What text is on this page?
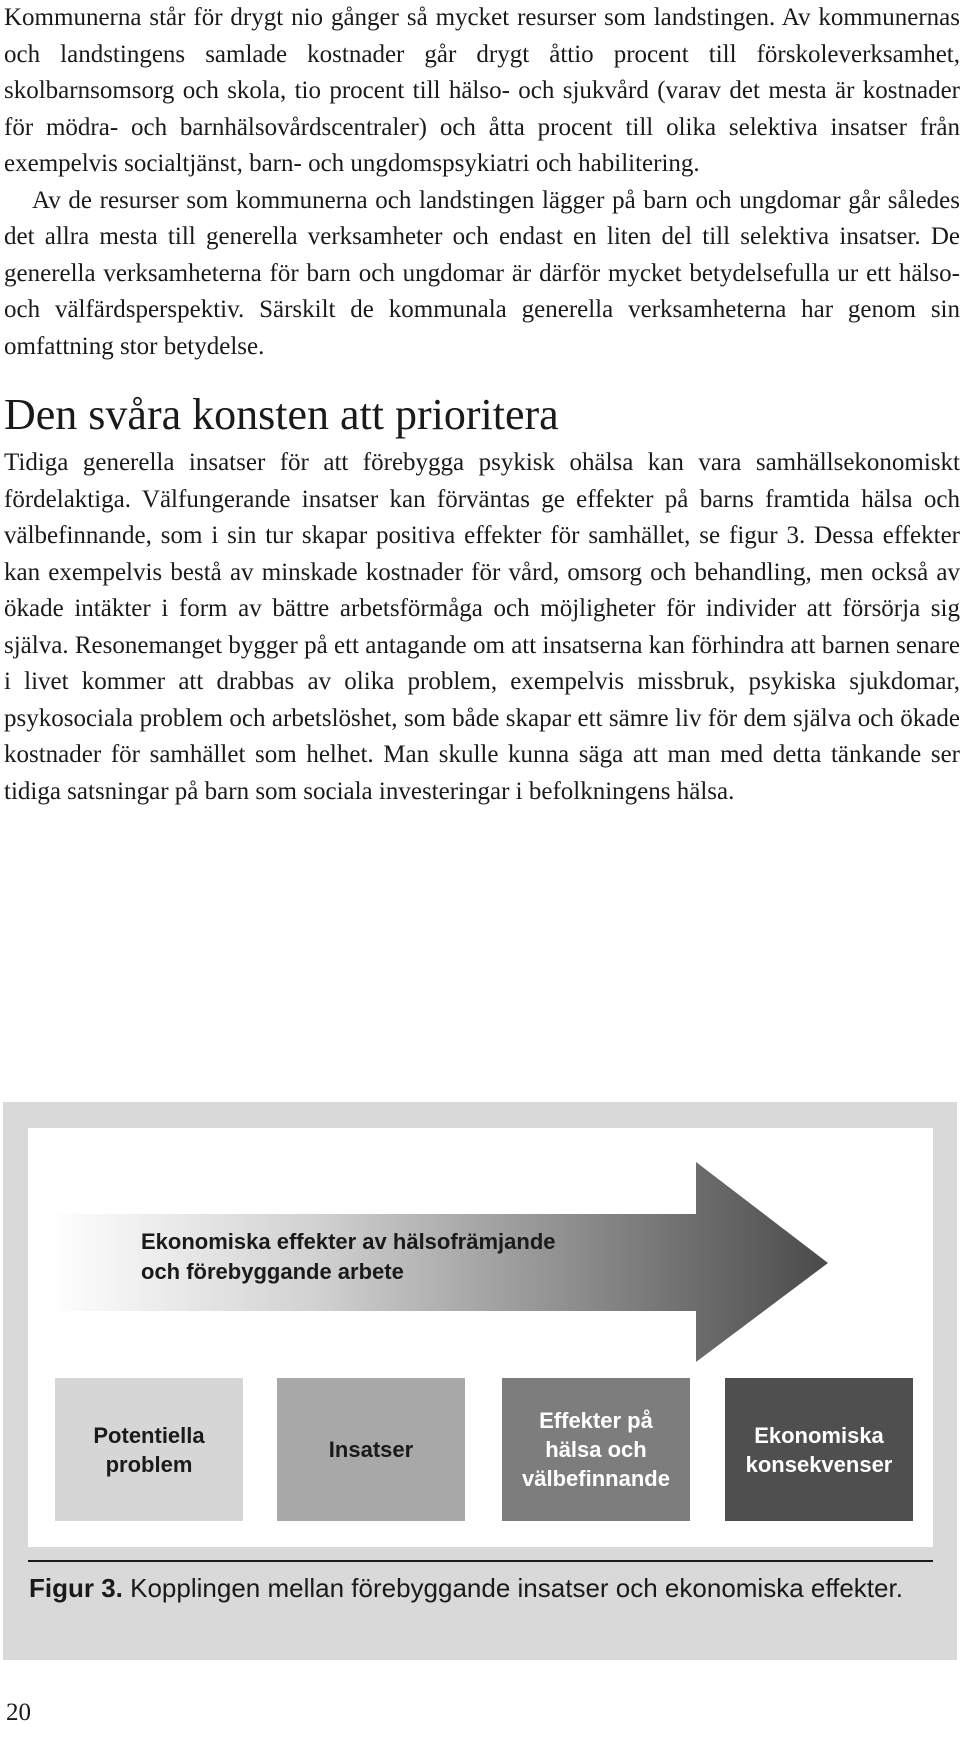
Kommunerna står för drygt nio gånger så mycket resurser som landstingen. Av kommunernas och landstingens samlade kostnader går drygt åttio procent till förskoleverksamhet, skolbarnsomsorg och skola, tio procent till hälso- och sjukvård (varav det mesta är kostnader för mödra- och barnhälsovårdscentraler) och åtta procent till olika selektiva insatser från exempelvis socialtjänst, barn- och ungdomspsykiatri och habilitering.

Av de resurser som kommunerna och landstingen lägger på barn och ungdomar går således det allra mesta till generella verksamheter och endast en liten del till selektiva insatser. De generella verksamheterna för barn och ungdomar är därför mycket betydelsefulla ur ett hälso- och välfärdsperspektiv. Särskilt de kommunala generella verksamheterna har genom sin omfattning stor betydelse.

Den svåra konsten att prioritera

Tidiga generella insatser för att förebygga psykisk ohälsa kan vara samhällsekonomiskt fördelaktiga. Välfungerande insatser kan förväntas ge effekter på barns framtida hälsa och välbefinnande, som i sin tur skapar positiva effekter för samhället, se figur 3. Dessa effekter kan exempelvis bestå av minskade kostnader för vård, omsorg och behandling, men också av ökade intäkter i form av bättre arbetsförmåga och möjligheter för individer att försörja sig själva. Resonemanget bygger på ett antagande om att insatserna kan förhindra att barnen senare i livet kommer att drabbas av olika problem, exempelvis missbruk, psykiska sjukdomar, psykosociala problem och arbetslöshet, som både skapar ett sämre liv för dem själva och ökade kostnader för samhället som helhet. Man skulle kunna säga att man med detta tänkande ser tidiga satsningar på barn som sociala investeringar i befolkningens hälsa.

Ekonomiska effekter av hälsofrämjande
och förebyggande arbete
Potentiella
problem
Insatser
Effekter på
hälsa och
välbefinnande
Ekonomiska
konsekvenser
Figur 3. Kopplingen mellan förebyggande insatser och ekonomiska effekter.
20
